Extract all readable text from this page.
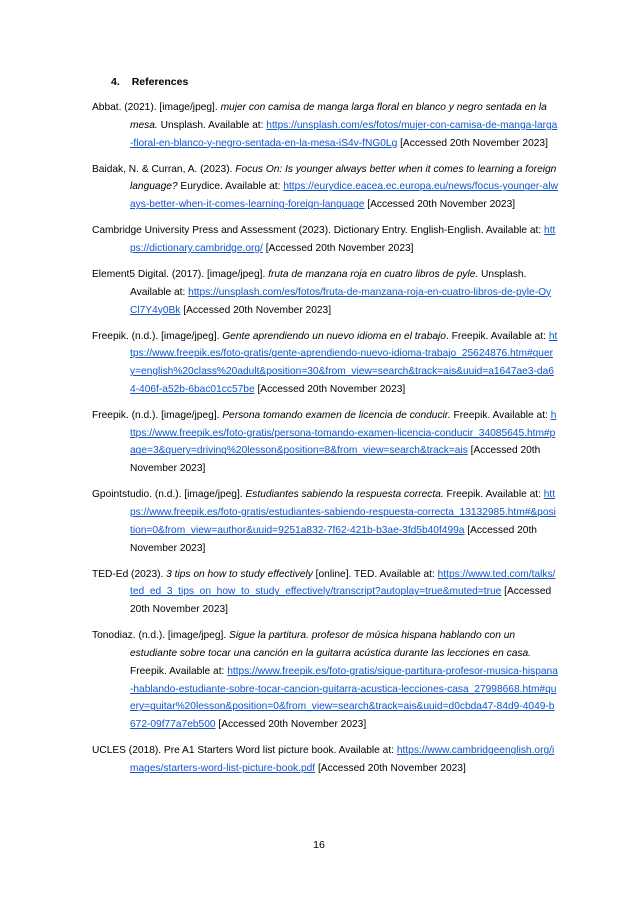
4. References

Abbat. (2021). [image/jpeg]. mujer con camisa de manga larga floral en blanco y negro sentada en la mesa. Unsplash. Available at: https://unsplash.com/es/fotos/mujer-con-camisa-de-manga-larga-floral-en-blanco-y-negro-sentada-en-la-mesa-iS4v-fNG0Lg [Accessed 20th November 2023]

Baidak, N. & Curran, A. (2023). Focus On: Is younger always better when it comes to learning a foreign language? Eurydice. Available at: https://eurydice.eacea.ec.europa.eu/news/focus-younger-always-better-when-it-comes-learning-foreign-language [Accessed 20th November 2023]

Cambridge University Press and Assessment (2023). Dictionary Entry. English-English. Available at: https://dictionary.cambridge.org/ [Accessed 20th November 2023]

Element5 Digital. (2017). [image/jpeg]. fruta de manzana roja en cuatro libros de pyle. Unsplash. Available at: https://unsplash.com/es/fotos/fruta-de-manzana-roja-en-cuatro-libros-de-pyle-OyCl7Y4y0Bk [Accessed 20th November 2023]

Freepik. (n.d.). [image/jpeg]. Gente aprendiendo un nuevo idioma en el trabajo. Freepik. Available at: https://www.freepik.es/foto-gratis/gente-aprendiendo-nuevo-idioma-trabajo_25624876.htm#query=english%20class%20adult&position=30&from_view=search&track=ais&uuid=a1647ae3-da64-406f-a52b-6bac01cc57be [Accessed 20th November 2023]

Freepik. (n.d.). [image/jpeg]. Persona tomando examen de licencia de conducir. Freepik. Available at: https://www.freepik.es/foto-gratis/persona-tomando-examen-licencia-conducir_34085645.htm#page=3&query=driving%20lesson&position=8&from_view=search&track=ais [Accessed 20th November 2023]

Gpointstudio. (n.d.). [image/jpeg]. Estudiantes sabiendo la respuesta correcta. Freepik. Available at: https://www.freepik.es/foto-gratis/estudiantes-sabiendo-respuesta-correcta_13132985.htm#&position=0&from_view=author&uuid=9251a832-7f62-421b-b3ae-3fd5b40f499a [Accessed 20th November 2023]

TED-Ed (2023). 3 tips on how to study effectively [online]. TED. Available at: https://www.ted.com/talks/ted_ed_3_tips_on_how_to_study_effectively/transcript?autoplay=true&muted=true [Accessed 20th November 2023]

Tonodiaz. (n.d.). [image/jpeg]. Sigue la partitura. profesor de música hispana hablando con un estudiante sobre tocar una canción en la guitarra acústica durante las lecciones en casa. Freepik. Available at: https://www.freepik.es/foto-gratis/sigue-partitura-profesor-musica-hispana-hablando-estudiante-sobre-tocar-cancion-guitarra-acustica-lecciones-casa_27998668.htm#query=guitar%20lesson&position=0&from_view=search&track=ais&uuid=d0cbda47-84d9-4049-b672-09f77a7eb500 [Accessed 20th November 2023]

UCLES (2018). Pre A1 Starters Word list picture book. Available at: https://www.cambridgeenglish.org/images/starters-word-list-picture-book.pdf [Accessed 20th November 2023]

16
